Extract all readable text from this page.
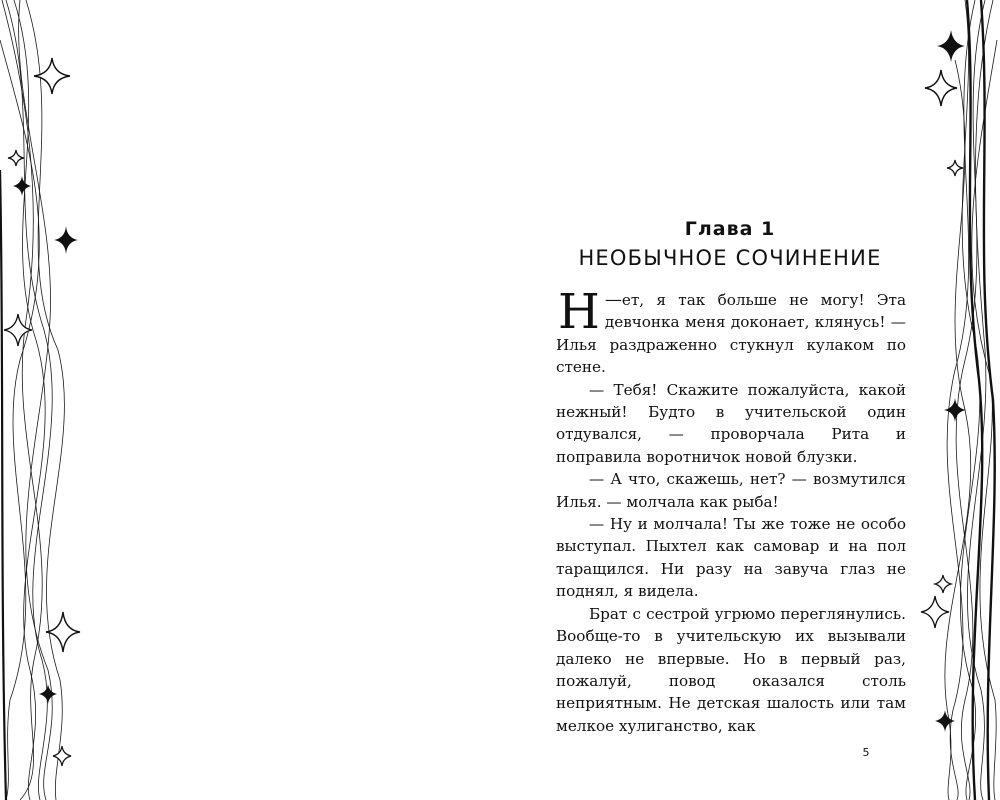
Глава 1
НЕОБЫЧНОЕ СОЧИНЕНИЕ

—
Н ет, я так больше не могу! Эта девчонка меня доконает, клянусь! — Илья раздраженно стукнул кулаком по стене.

— Тебя! Скажите пожалуйста, какой нежный! Будто в учительской один отдувался, — проворчала Рита и поправила воротничок новой блузки.

— А что, скажешь, нет? — возмутился Илья. — молчала как рыба!

— Ну и молчала! Ты же тоже не особо выступал. Пыхтел как самовар и на пол таращился. Ни разу на завуча глаз не поднял, я видела.

Брат с сестрой угрюмо переглянулись. Вообще-то в учительскую их вызывали далеко не впервые. Но в первый раз, пожалуй, повод оказался столь неприятным. Не детская шалость или там мелкое хулиганство, как

5
